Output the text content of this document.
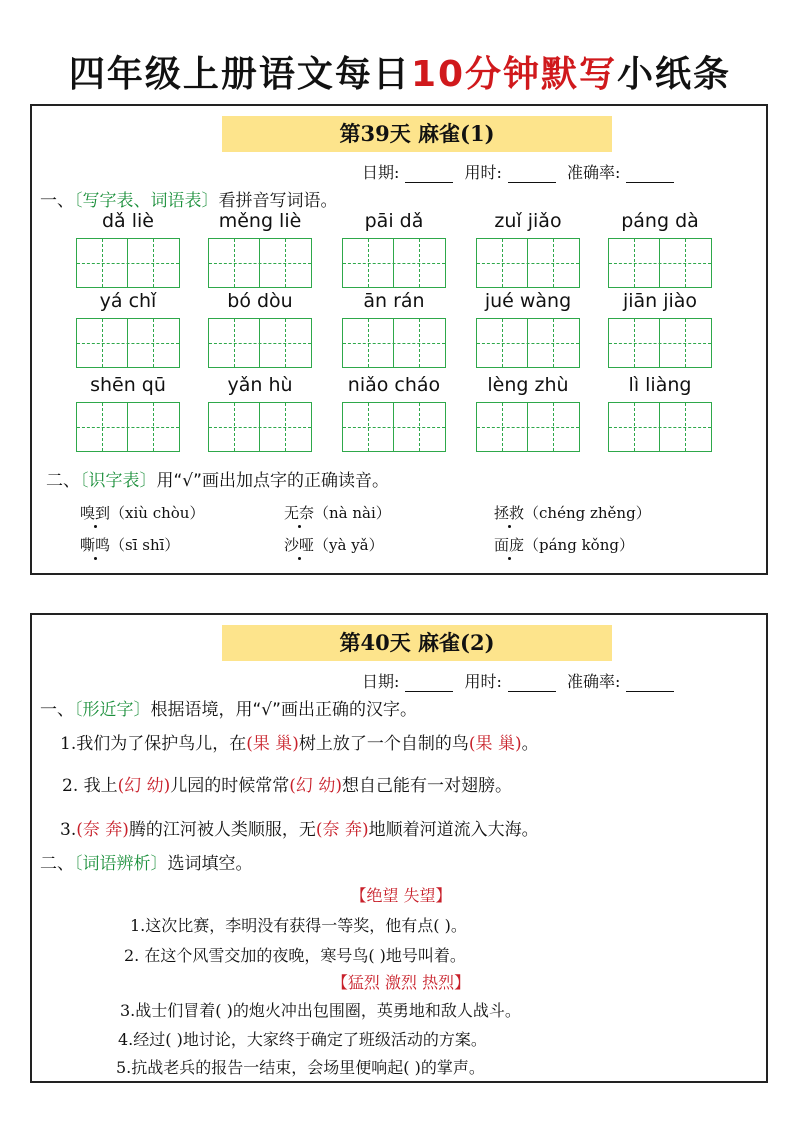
四年级上册语文每日10分钟默写小纸条
第39天 麻雀(1)
日期:	用时:	准确率:
一、〔写字表、词语表〕看拼音写词语。
dǎ liè	měng liè	pāi dǎ	zuǐ jiǎo	páng dà
yá chǐ	bó dòu	ān rán	jué wàng	jiān jiào
shēn qū	yǎn hù	niǎo cháo	lèng zhù	lì liàng
二、〔识字表〕用“√”画出加点字的正确读音。
嗅到（xiù chòu）	无奈（nà nài）	拯救（chéng zhěng）
嘶鸣（sī shī）	沙哑（yà yǎ）	面庞（páng kǒng）
第40天 麻雀(2)
日期:	用时:	准确率:
一、〔形近字〕根据语境，用“√”画出正确的汉字。
1.我们为了保护鸟儿，在(果 巢)树上放了一个自制的鸟(果 巢)。
2. 我上(幻 幼)儿园的时候常常(幻 幼)想自己能有一对翅膀。
3.(奈 奔)腾的江河被人类顺服，无(奈 奔)地顺着河道流入大海。
二、〔词语辨析〕选词填空。
【绝望 失望】
1.这次比赛，李明没有获得一等奖，他有点( )。
2. 在这个风雪交加的夜晚，寒号鸟( )地号叫着。
【猛烈 激烈 热烈】
3.战士们冒着( )的炮火冲出包围圈，英勇地和敌人战斗。
4.经过( )地讨论，大家终于确定了班级活动的方案。
5.抗战老兵的报告一结束，会场里便响起( )的掌声。
